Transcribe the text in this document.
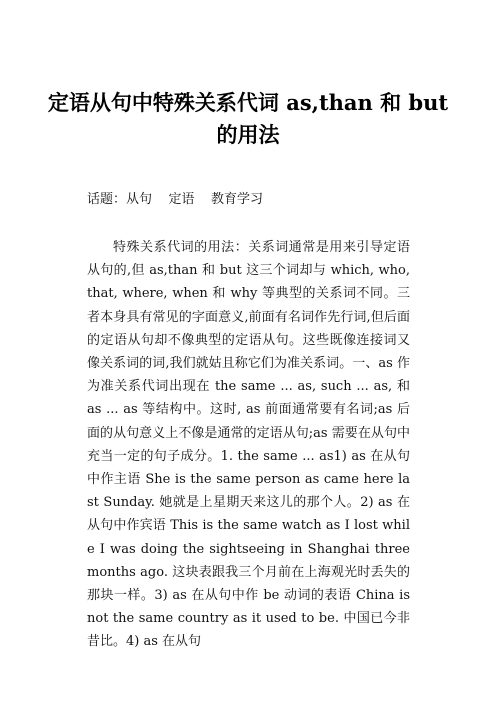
定语从句中特殊关系代词 as,than 和 but 的用法
话题：从句    定语    教育学习
特殊关系代词的用法：关系词通常是用来引导定语从句的,但 as,than 和 but 这三个词却与 which, who, that, where, when 和 why 等典型的关系词不同。三者本身具有常见的字面意义,前面有名词作先行词,但后面的定语从句却不像典型的定语从句。这些既像连接词又像关系词的词,我们就姑且称它们为准关系词。一、as 作为准关系代词出现在 the same ... as, such ... as, 和 as ... as 等结构中。这时, as 前面通常要有名词;as 后面的从句意义上不像是通常的定语从句;as 需要在从句中充当一定的句子成分。1. the same ... as1) as 在从句中作主语 She is the same person as came here last Sunday. 她就是上星期天来这儿的那个人。2) as 在从句中作宾语 This is the same watch as I lost while I was doing the sightseeing in Shanghai three months ago. 这块表跟我三个月前在上海观光时丢失的那块一样。3) as 在从句中作 be 动词的表语 China is not the same country as it used to be. 中国已今非昔比。4) as 在从句
